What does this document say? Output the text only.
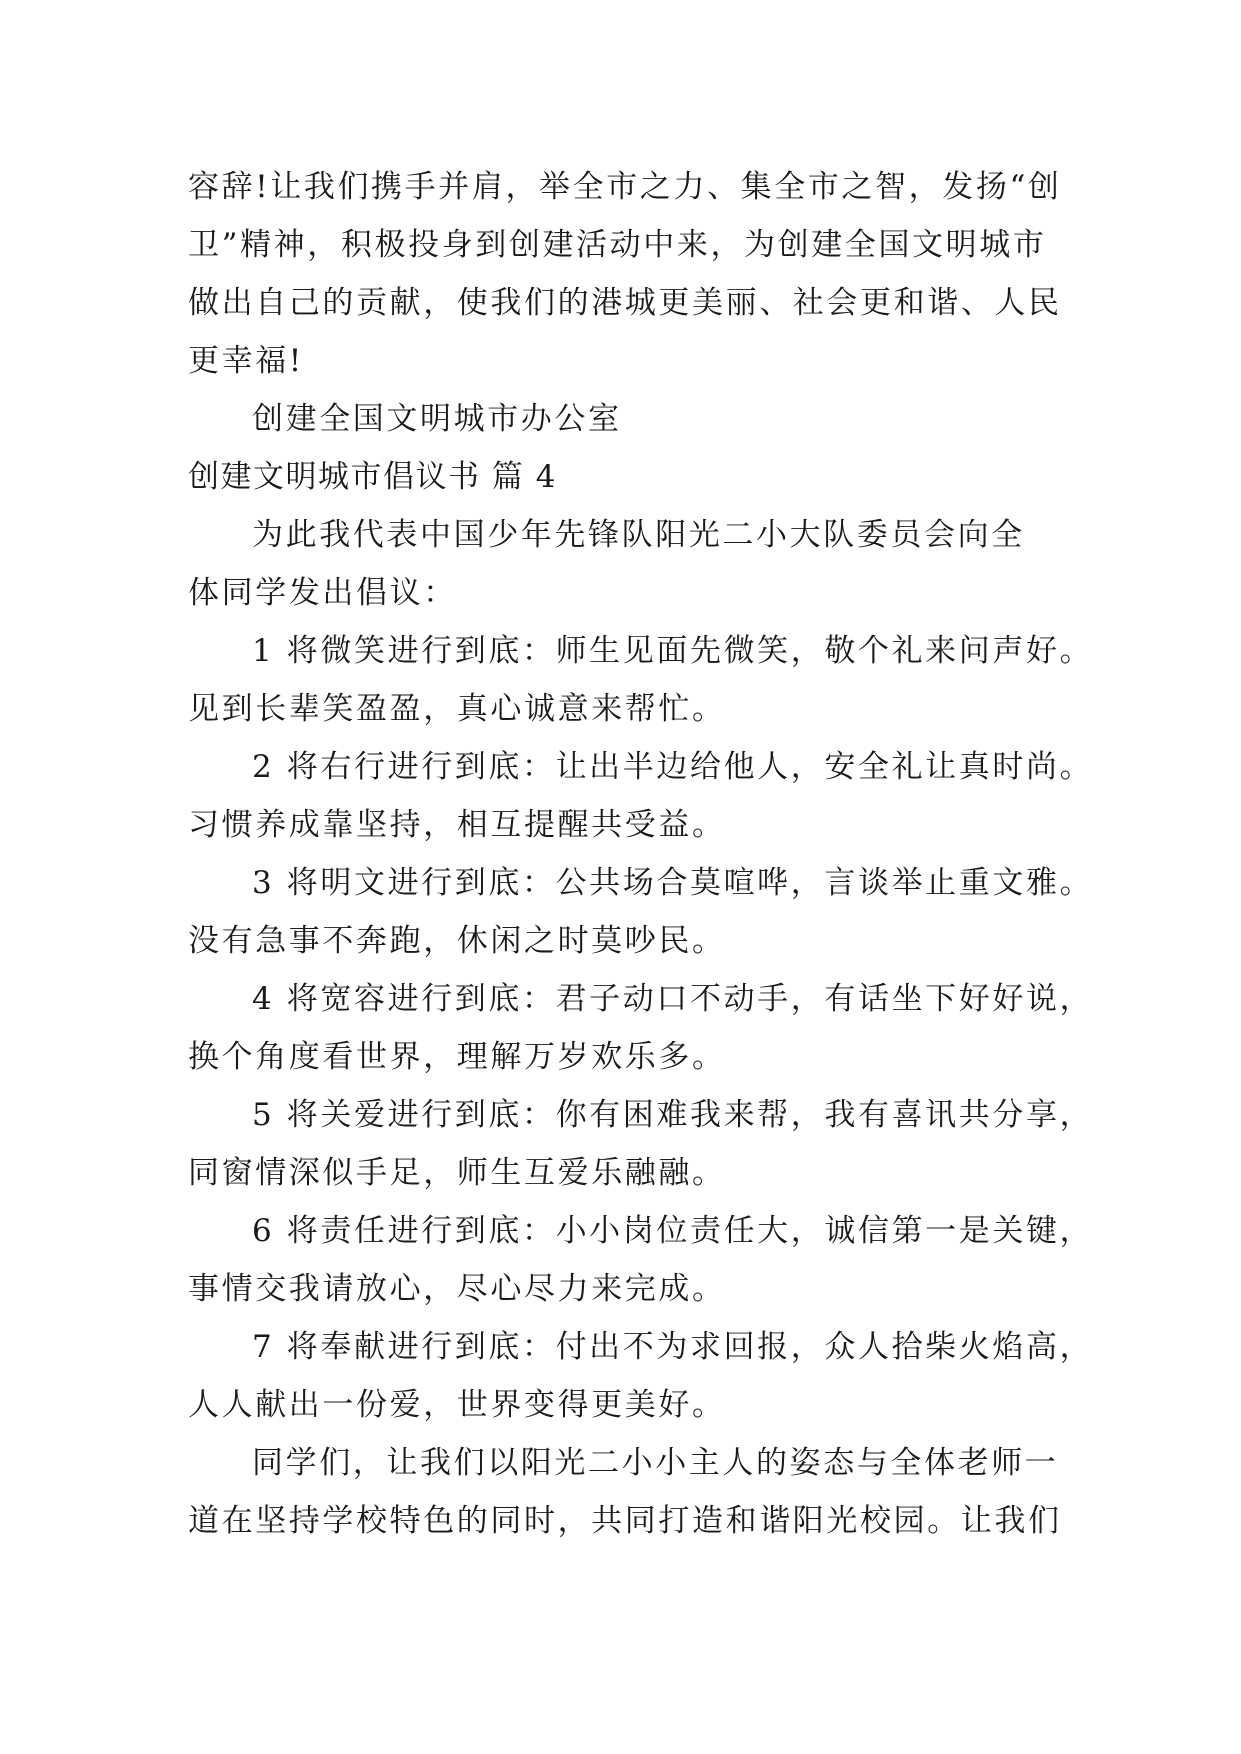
容辞!让我们携手并肩，举全市之力、集全市之智，发扬“创
卫”精神，积极投身到创建活动中来，为创建全国文明城市
做出自己的贡献，使我们的港城更美丽、社会更和谐、人民
更幸福!
创建全国文明城市办公室
创建文明城市倡议书 篇 4
为此我代表中国少年先锋队阳光二小大队委员会向全
体同学发出倡议：
1 将微笑进行到底：师生见面先微笑，敬个礼来问声好。
见到长辈笑盈盈，真心诚意来帮忙。
2 将右行进行到底：让出半边给他人，安全礼让真时尚。
习惯养成靠坚持，相互提醒共受益。
3 将明文进行到底：公共场合莫喧哗，言谈举止重文雅。
没有急事不奔跑，休闲之时莫吵民。
4 将宽容进行到底：君子动口不动手，有话坐下好好说，
换个角度看世界，理解万岁欢乐多。
5 将关爱进行到底：你有困难我来帮，我有喜讯共分享，
同窗情深似手足，师生互爱乐融融。
6 将责任进行到底：小小岗位责任大，诚信第一是关键，
事情交我请放心，尽心尽力来完成。
7 将奉献进行到底：付出不为求回报，众人拾柴火焰高，
人人献出一份爱，世界变得更美好。
同学们，让我们以阳光二小小主人的姿态与全体老师一
道在坚持学校特色的同时，共同打造和谐阳光校园。让我们
